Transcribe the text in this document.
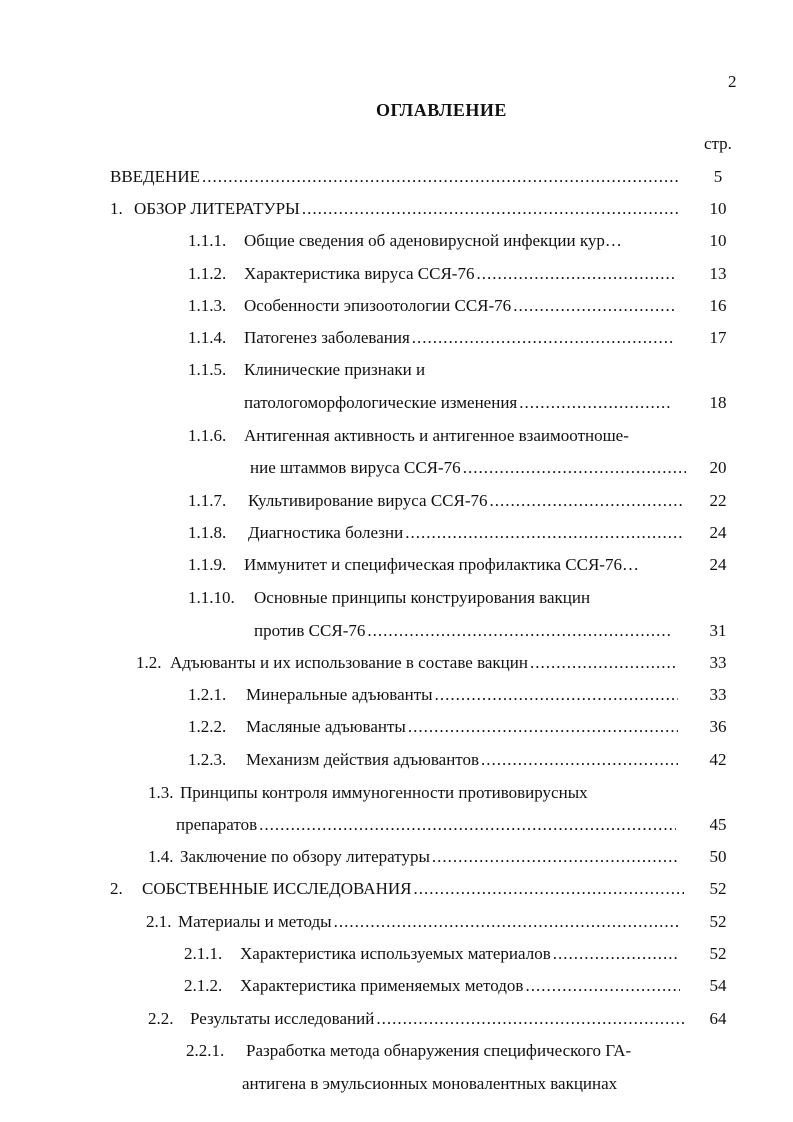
2
ОГЛАВЛЕНИЕ
стр.
ВВЕДЕНИЕ .....	5
1. ОБЗОР ЛИТЕРАТУРЫ .....	10
1.1.1.	Общие сведения об аденовирусной инфекции кур…	10
1.1.2.	Характеристика вируса ССЯ-76 .....	13
1.1.3.	Особенности эпизоотологии ССЯ-76 .....	16
1.1.4.	Патогенез заболевания .....	17
1.1.5.	Клинические признаки и
патологоморфологические изменения .....	18
1.1.6.	Антигенная активность и антигенное взаимоотноше-
ние штаммов вируса ССЯ-76 .....	20
1.1.7.	Культивирование вируса ССЯ-76 .....	22
1.1.8.	Диагностика болезни .....	24
1.1.9.	Иммунитет и специфическая профилактика ССЯ-76…	24
1.1.10.	Основные принципы конструирования вакцин
против ССЯ-76 .....	31
1.2. Адъюванты и их использование в составе вакцин .....	33
1.2.1.	Минеральные адъюванты .....	33
1.2.2.	Масляные адъюванты .....	36
1.2.3.	Механизм действия адъювантов .....	42
1.3. Принципы контроля иммуногенности противовирусных
препаратов .....	45
1.4. Заключение по обзору литературы .....	50
2.	СОБСТВЕННЫЕ ИССЛЕДОВАНИЯ .....	52
2.1. Материалы и методы .....	52
2.1.1.	Характеристика используемых материалов .....	52
2.1.2.	Характеристика применяемых методов .....	54
2.2. Результаты исследований .....	64
2.2.1.	Разработка метода обнаружения специфического ГА-
антигена в эмульсионных моновалентных вакцинах
